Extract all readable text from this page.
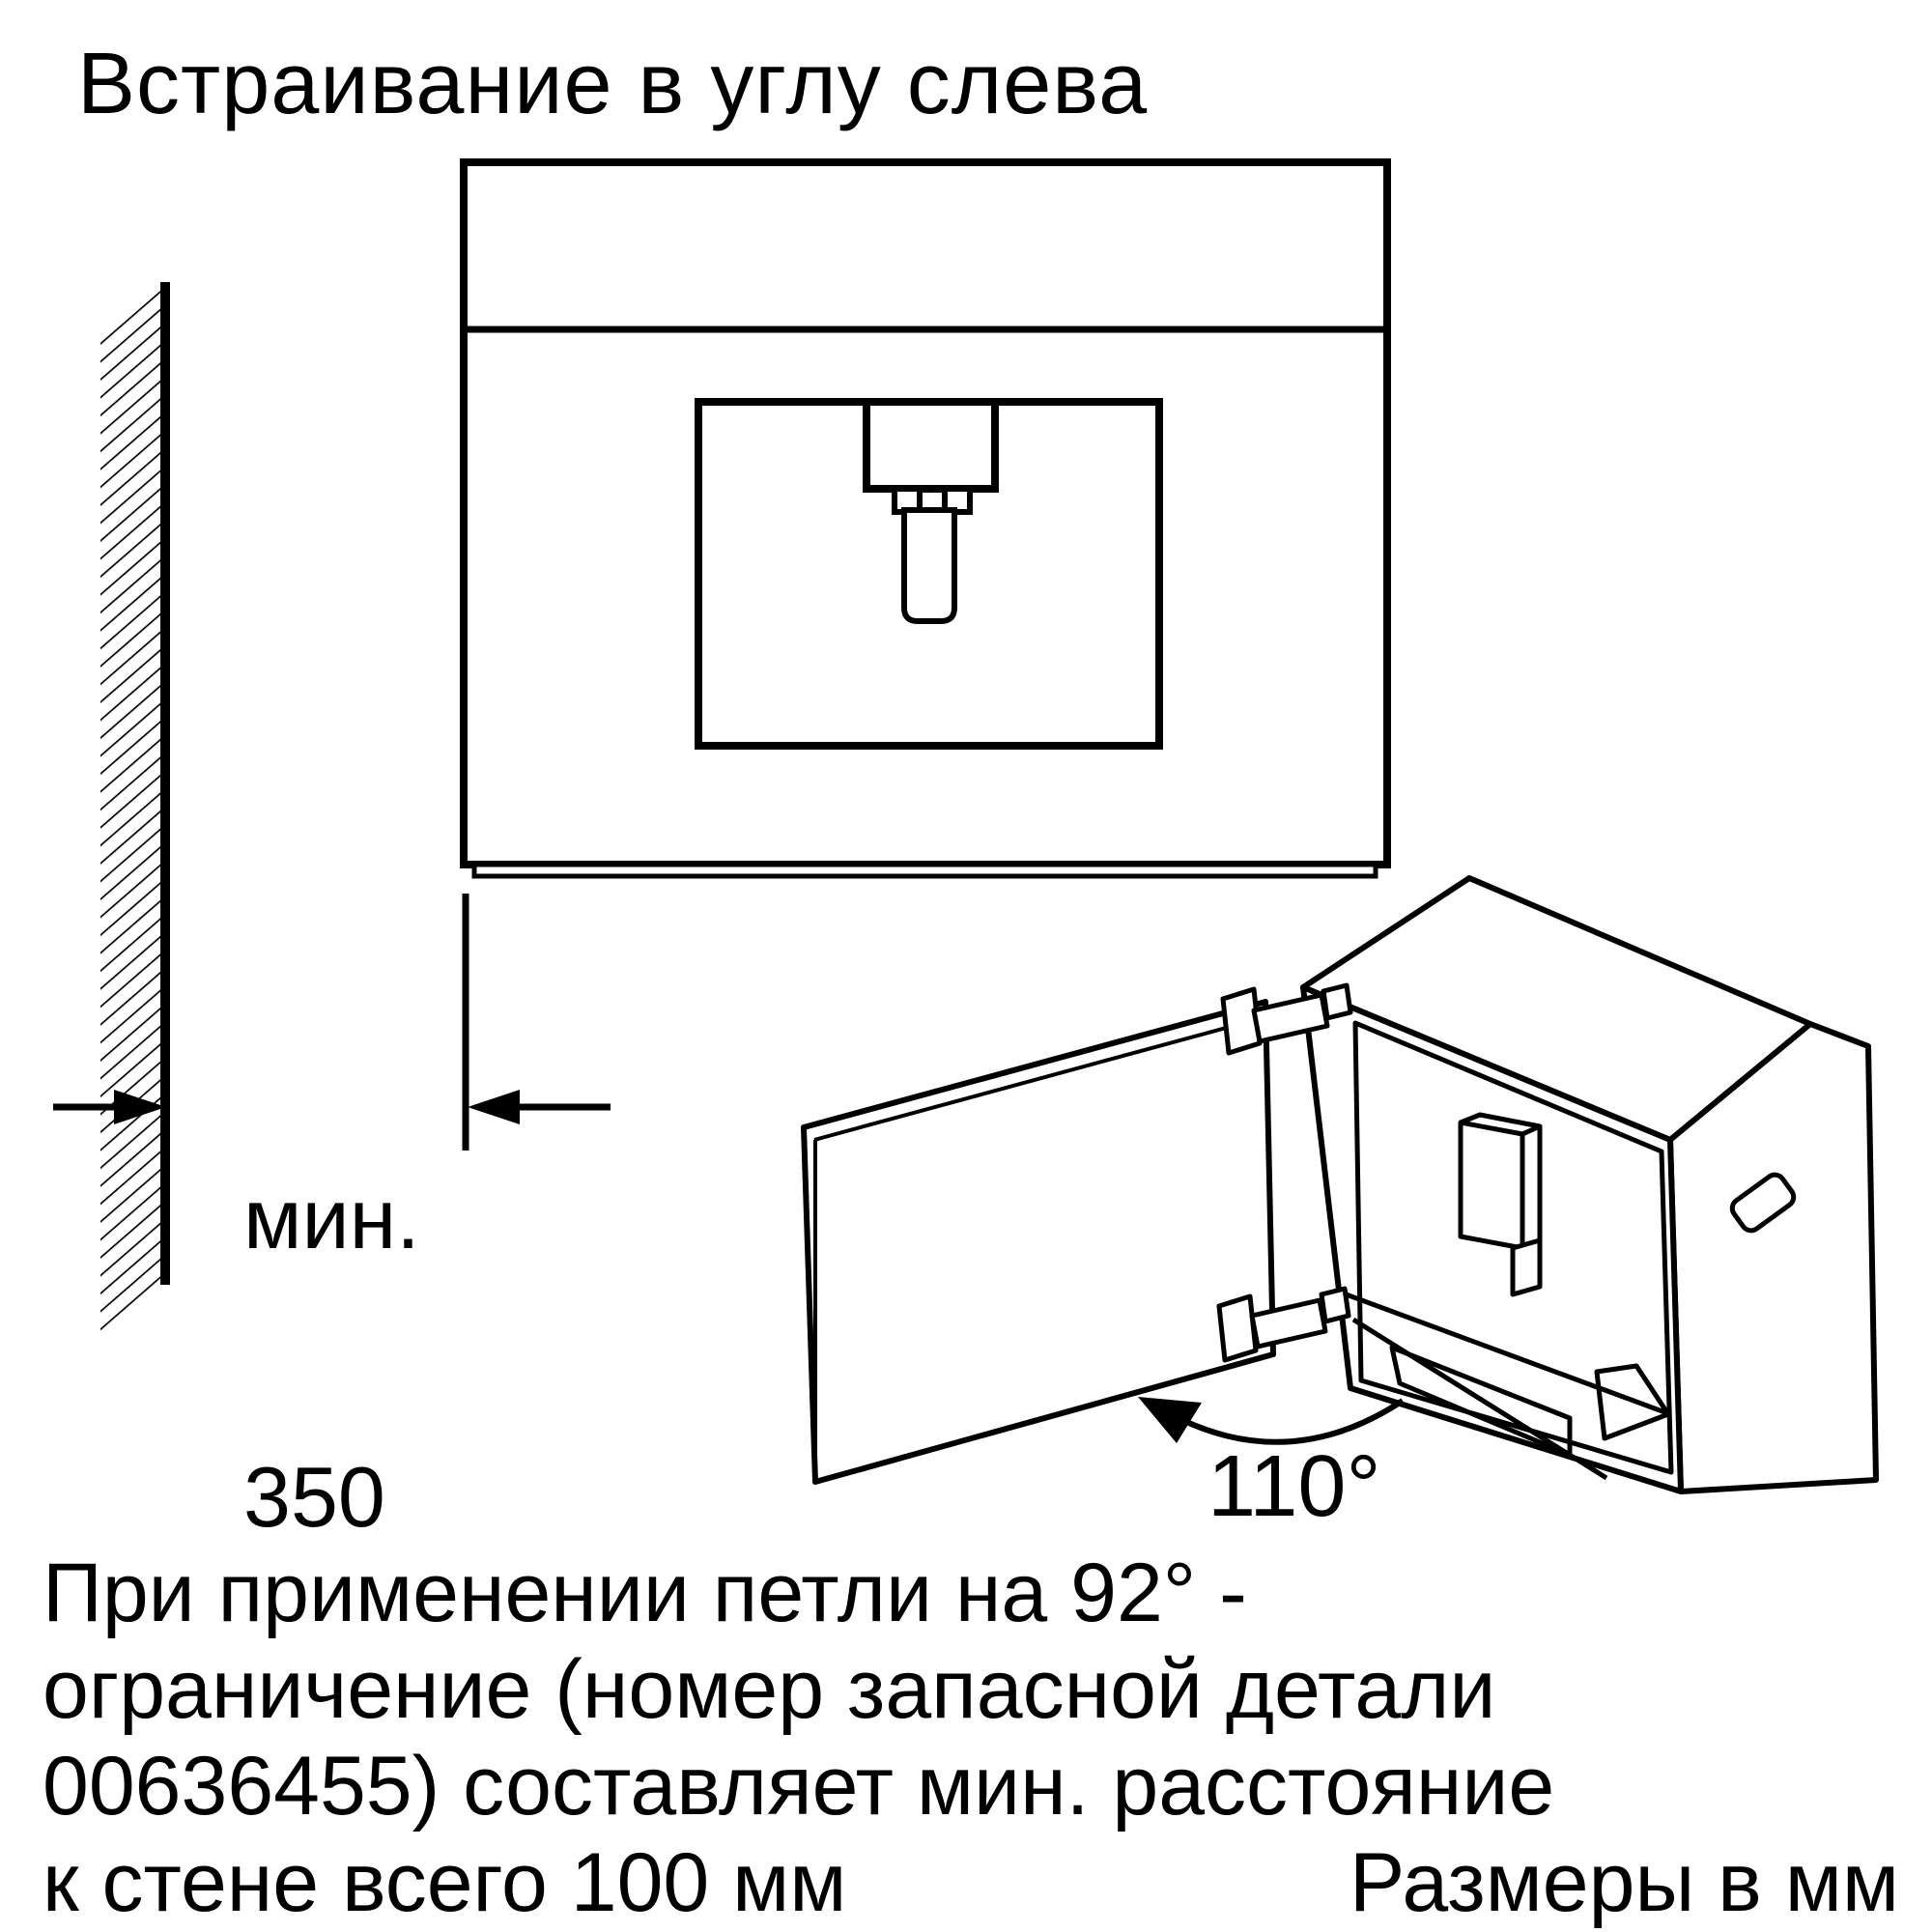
Встраивание в углу слева

мин.

350

	110°
При применении петли на 92° -
ограничение (номер запасной детали
00636455) составляет мин. расстояние
к стене всего 100 мм	Размеры в мм
